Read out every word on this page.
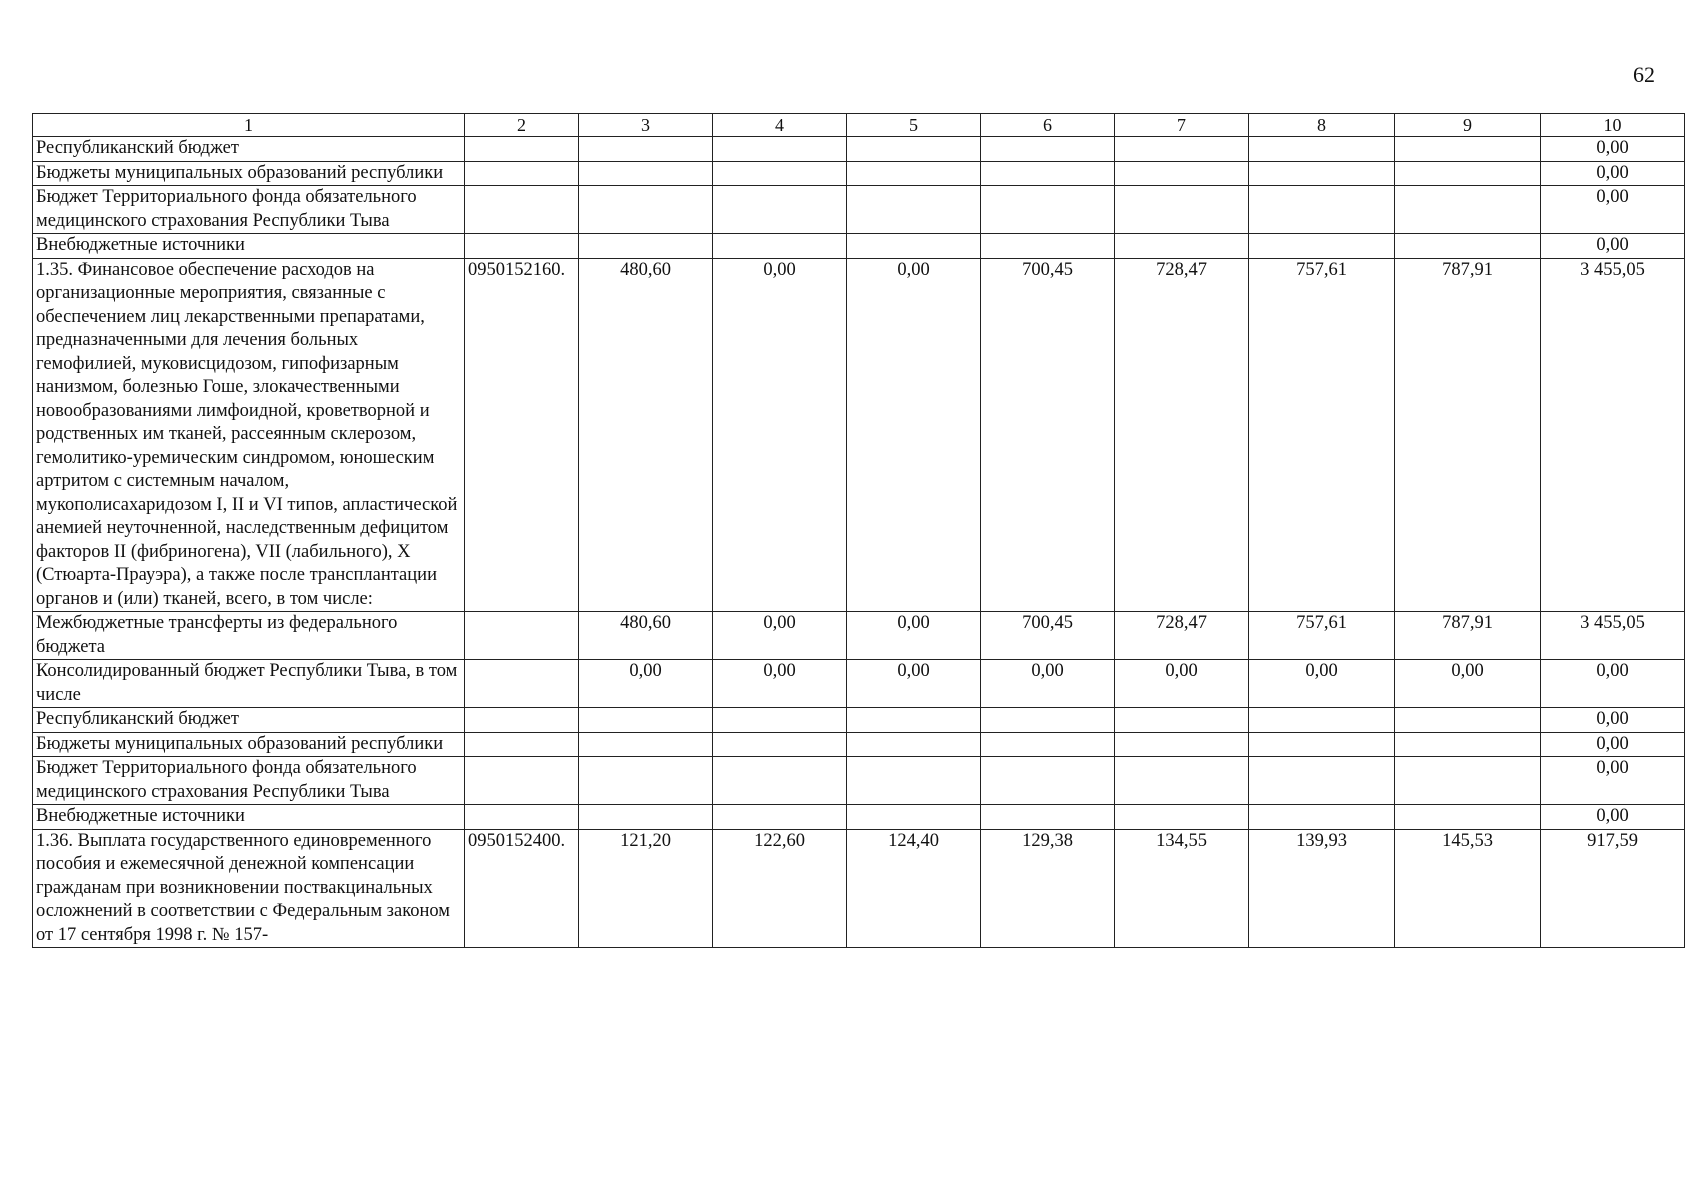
62
1	2	3	4	5	6	7	8	9	10
Республиканский бюджет									0,00
Бюджеты муниципальных образований республики									0,00
Бюджет Территориального фонда обязательного медицинского страхования Республики Тыва									0,00
Внебюджетные источники									0,00
1.35. Финансовое обеспечение расходов на организационные мероприятия, связанные с обеспечением лиц лекарственными препаратами, предназначенными для лечения больных гемофилией, муковисцидозом, гипофизарным нанизмом, болезнью Гоше, злокачественными новообразованиями лимфоидной, кроветворной и родственных им тканей, рассеянным склерозом, гемолитико-уремическим синдромом, юношеским артритом с системным началом, мукополисахаридозом I, II и VI типов, апластической анемией неуточненной, наследственным дефицитом факторов II (фибриногена), VII (лабильного), X (Стюарта-Прауэра), а также после трансплантации органов и (или) тканей, всего, в том числе:	0950152160.	480,60	0,00	0,00	700,45	728,47	757,61	787,91	3 455,05
Межбюджетные трансферты из федерального бюджета		480,60	0,00	0,00	700,45	728,47	757,61	787,91	3 455,05
Консолидированный бюджет Республики Тыва, в том числе		0,00	0,00	0,00	0,00	0,00	0,00	0,00	0,00
Республиканский бюджет									0,00
Бюджеты муниципальных образований республики									0,00
Бюджет Территориального фонда обязательного медицинского страхования Республики Тыва									0,00
Внебюджетные источники									0,00
1.36. Выплата государственного единовременного пособия и ежемесячной денежной компенсации гражданам при возникновении поствакцинальных осложнений в соответствии с Федеральным законом от 17 сентября 1998 г. № 157-	0950152400.	121,20	122,60	124,40	129,38	134,55	139,93	145,53	917,59
